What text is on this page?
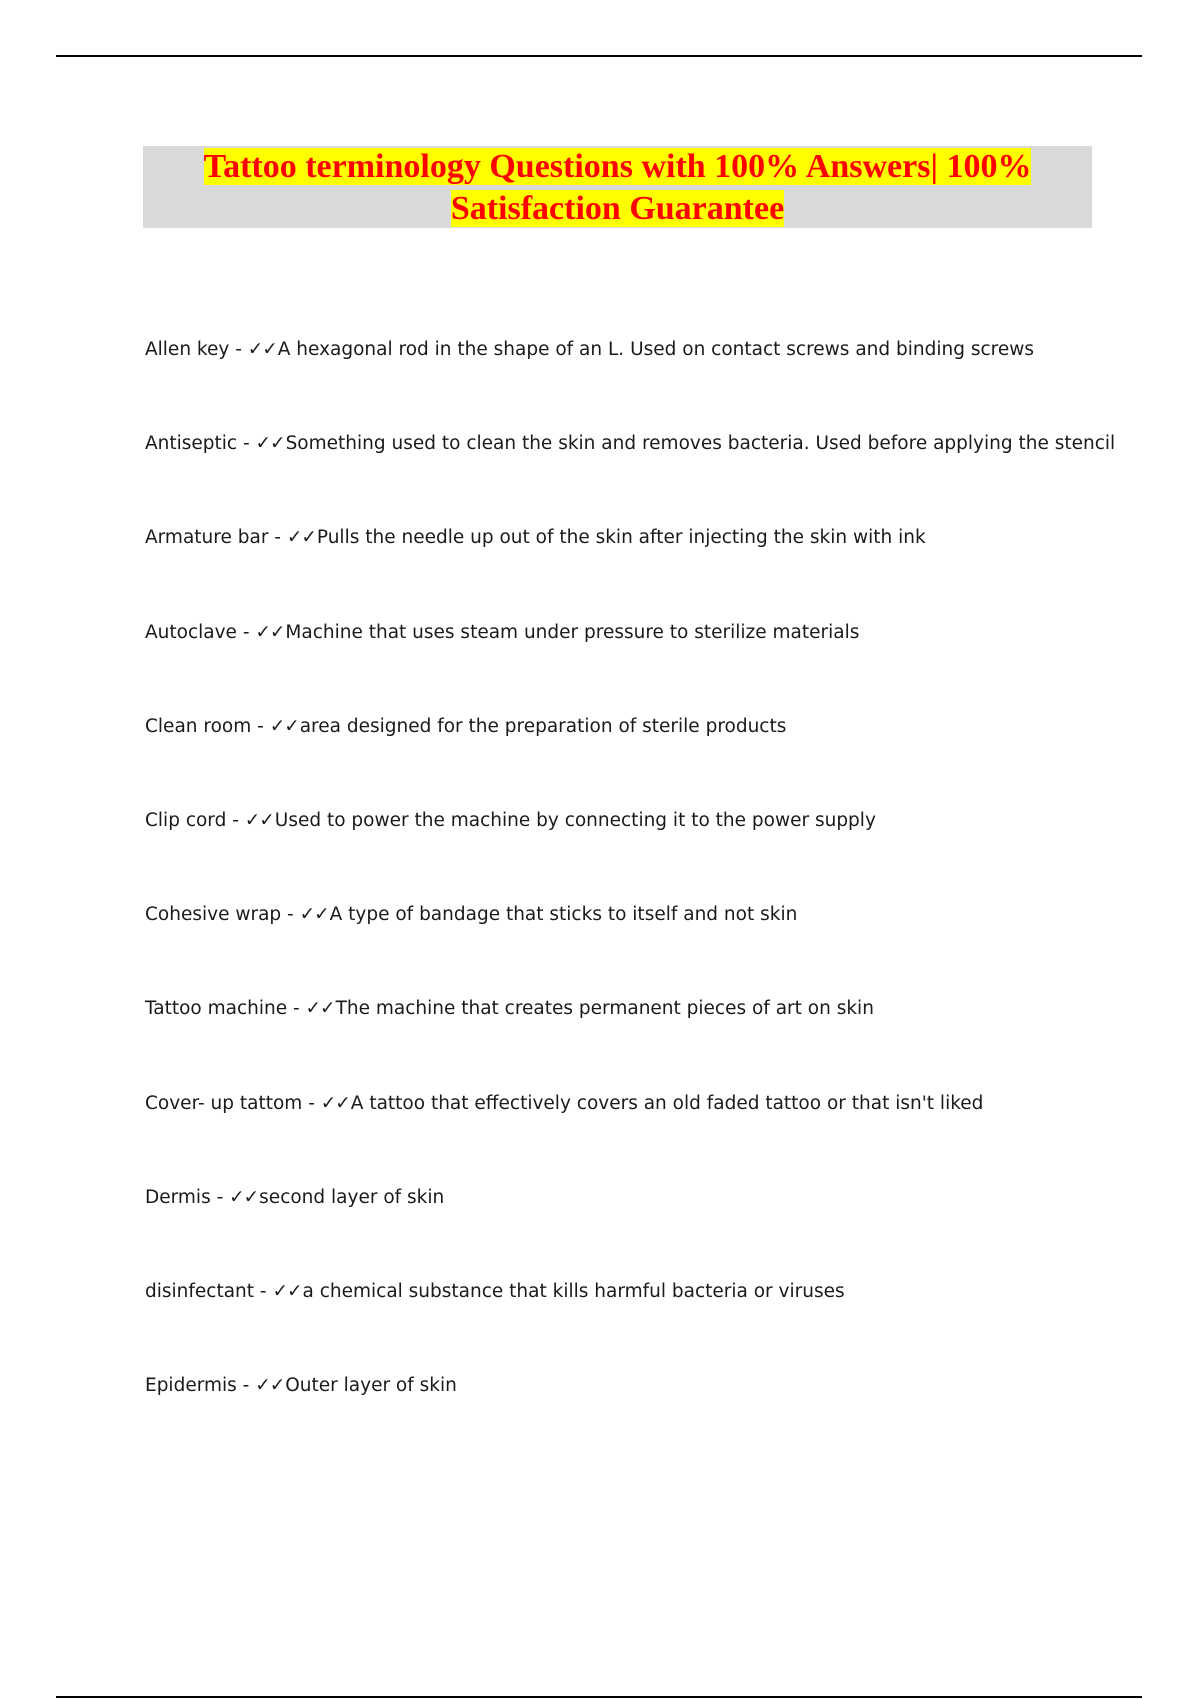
Tattoo terminology Questions with 100% Answers| 100%
Satisfaction Guarantee
Allen key - ✓✓A hexagonal rod in the shape of an L. Used on contact screws and binding screws
Antiseptic - ✓✓Something used to clean the skin and removes bacteria. Used before applying the stencil
Armature bar - ✓✓Pulls the needle up out of the skin after injecting the skin with ink
Autoclave - ✓✓Machine that uses steam under pressure to sterilize materials
Clean room - ✓✓area designed for the preparation of sterile products
Clip cord - ✓✓Used to power the machine by connecting it to the power supply
Cohesive wrap - ✓✓A type of bandage that sticks to itself and not skin
Tattoo machine - ✓✓The machine that creates permanent pieces of art on skin
Cover- up tattom - ✓✓A tattoo that effectively covers an old faded tattoo or that isn't liked
Dermis - ✓✓second layer of skin
disinfectant - ✓✓a chemical substance that kills harmful bacteria or viruses
Epidermis - ✓✓Outer layer of skin
